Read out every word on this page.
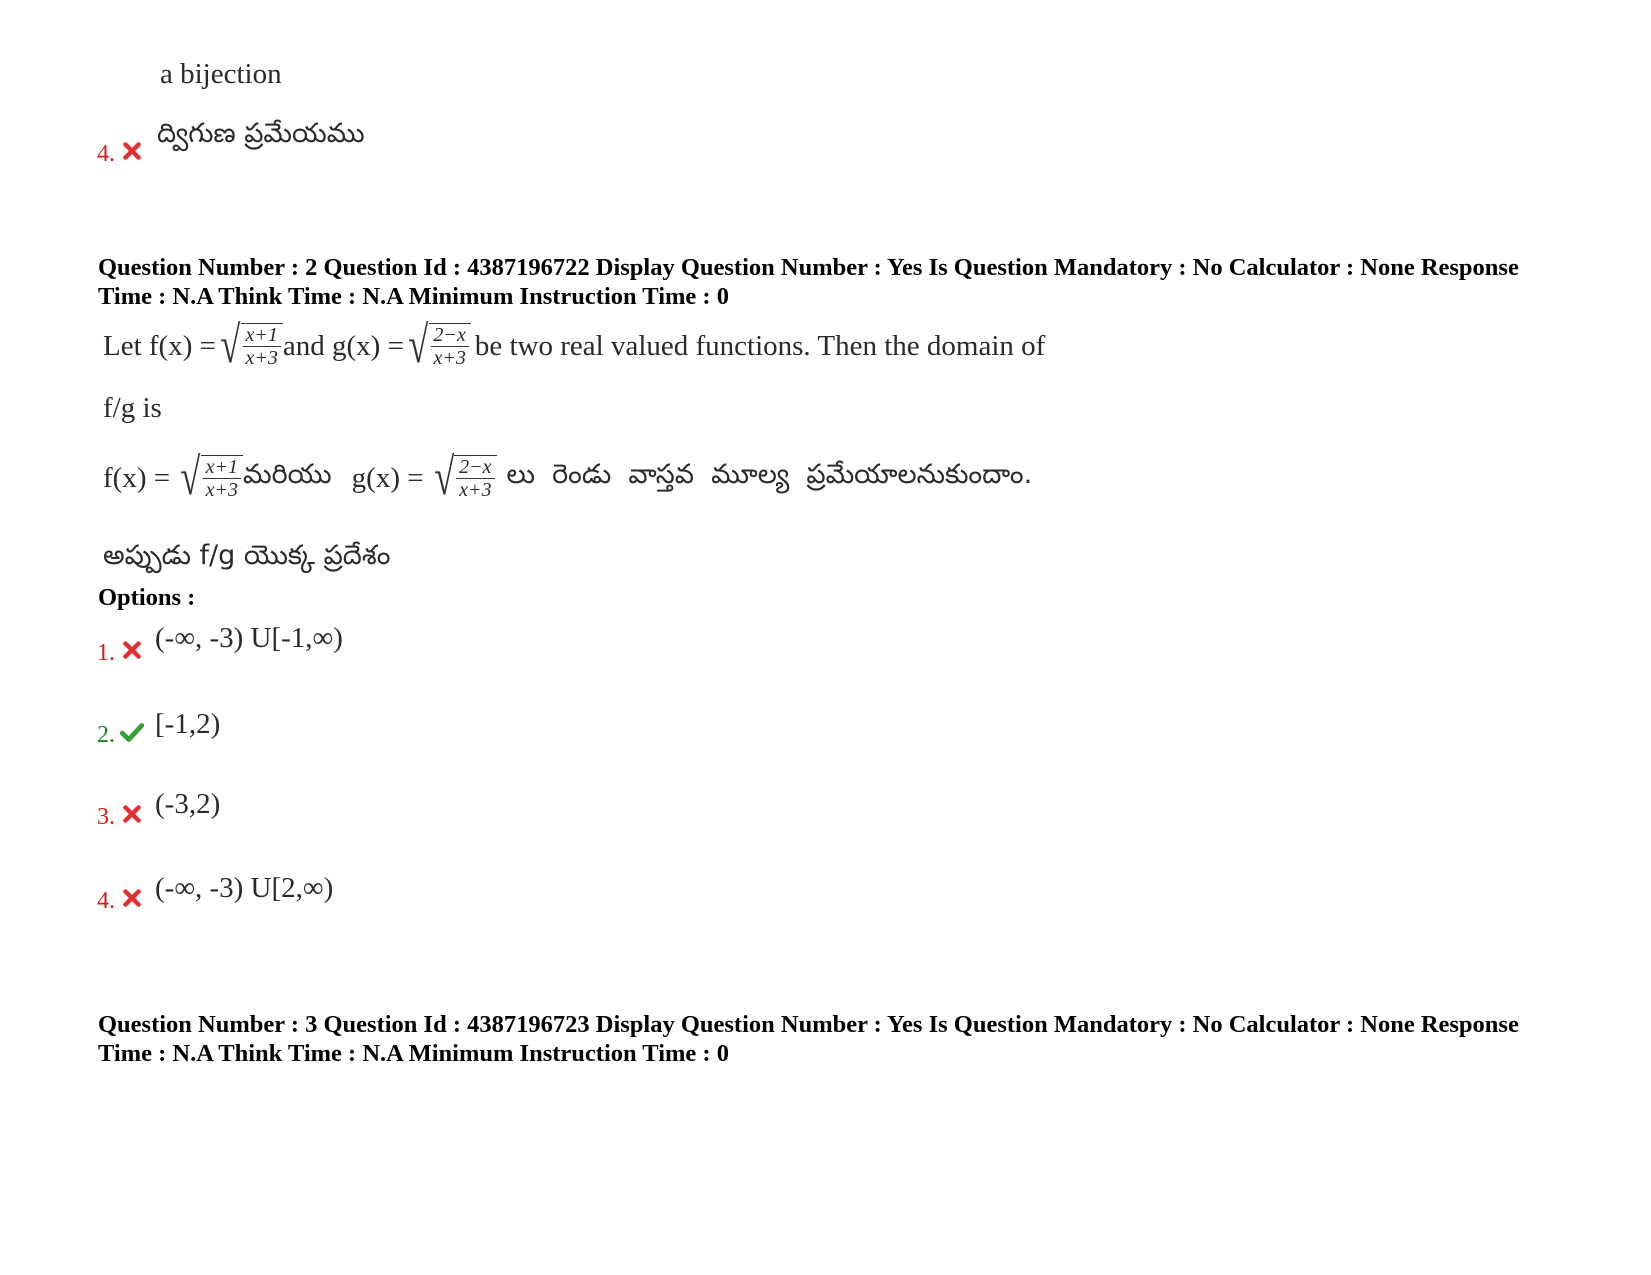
a bijection
4.
ద్విగుణ ప్రమేయము
Question Number : 2 Question Id : 4387196722 Display Question Number : Yes Is Question Mandatory : No Calculator : None Response
Time : N.A Think Time : N.A Minimum Instruction Time : 0
Let f(x) = √ $\frac{x+1}{x+3}$ and g(x) = √ $\frac{2-x}{x+3}$ be two real valued functions. Then the domain of
f/g is
f(x) = √ $\frac{x+1}{x+3}$ మరియు g(x) = √ $\frac{2-x}{x+3}$ లు  రెండు  వాస్తవ  మూల్య  ప్రమేయాలనుకుందాం.
అప్పుడు f/g యొక్క ప్రదేశం
Options :
1. (-∞, -3) U[-1,∞)
2. [-1,2)
3. (-3,2)
4. (-∞, -3) U[2,∞)
Question Number : 3 Question Id : 4387196723 Display Question Number : Yes Is Question Mandatory : No Calculator : None Response
Time : N.A Think Time : N.A Minimum Instruction Time : 0
